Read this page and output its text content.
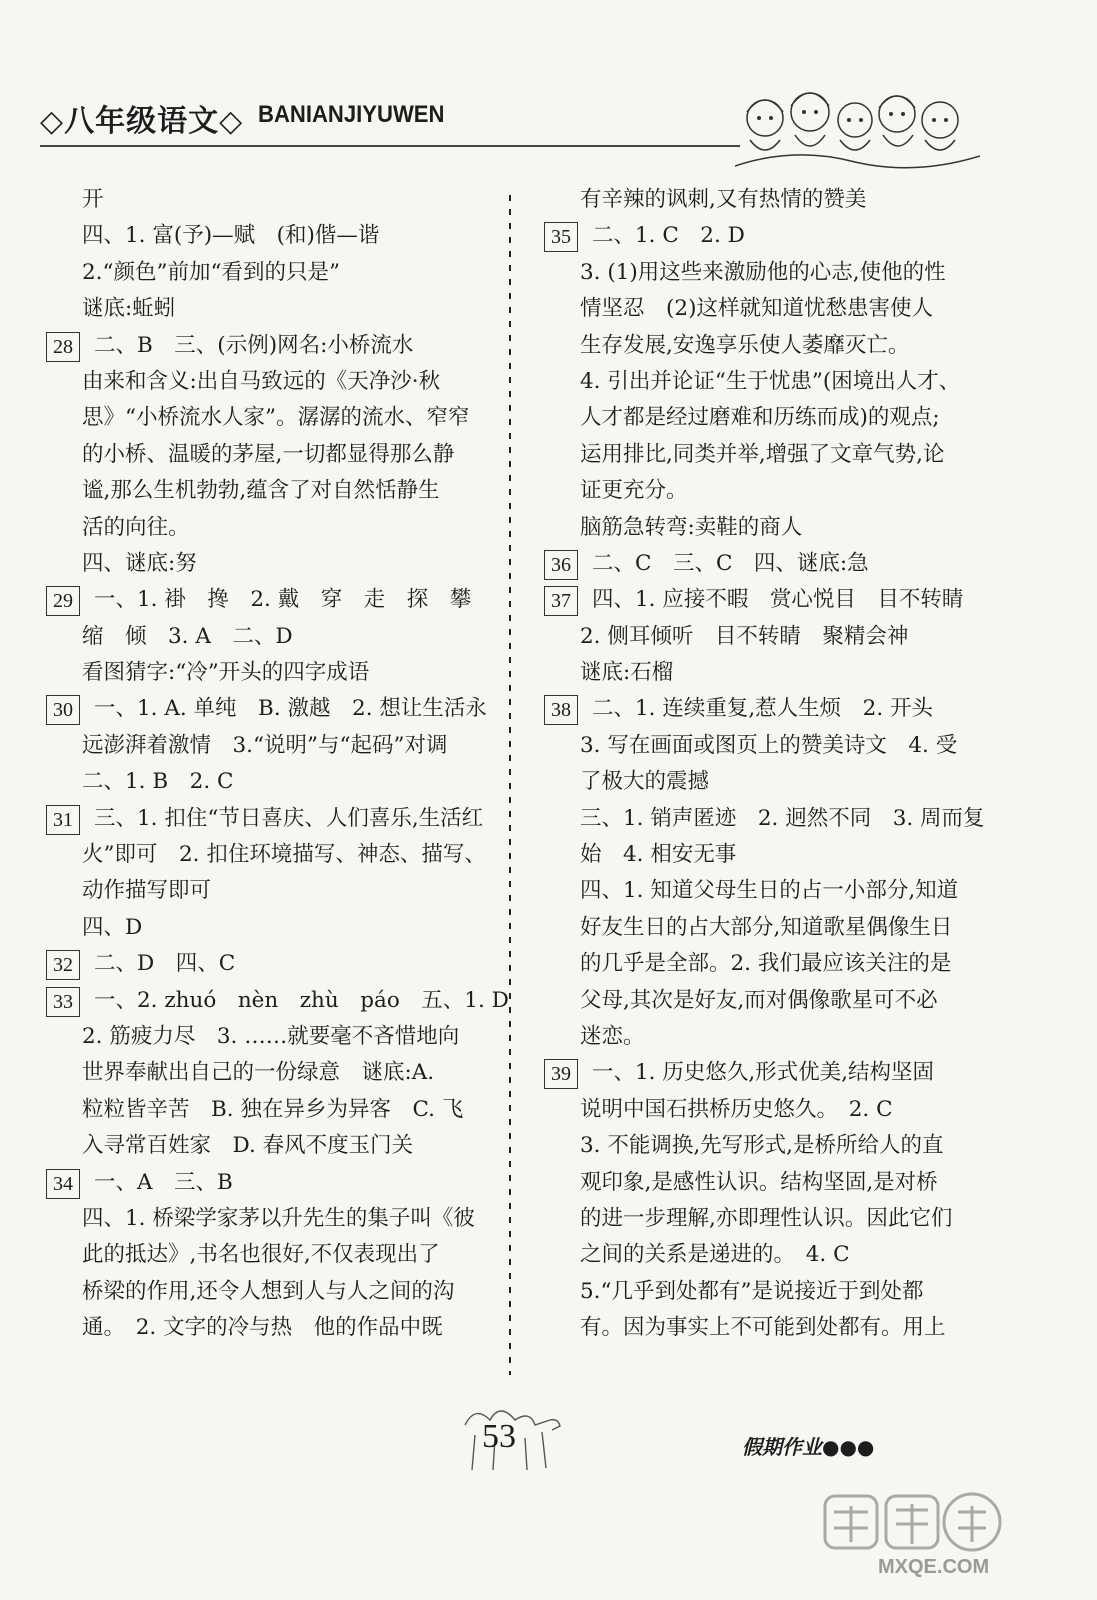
◇八年级语文◇ BANIANJIYUWEN
开
四、1. 富(予)—赋　(和)偕—谐
2.“颜色”前加“看到的只是”
谜底:蚯蚓
28 二、B　三、(示例)网名:小桥流水
由来和含义:出自马致远的《天净沙·秋
思》“小桥流水人家”。潺潺的流水、窄窄
的小桥、温暖的茅屋,一切都显得那么静
谧,那么生机勃勃,蕴含了对自然恬静生
活的向往。
四、谜底:努
29 一、1. 褂　搀　2. 戴　穿　走　探　攀
缩　倾　3. A　二、D
看图猜字:“冷”开头的四字成语
30 一、1. A. 单纯　B. 激越　2. 想让生活永
远澎湃着激情　3.“说明”与“起码”对调
二、1. B　2. C
31 三、1. 扣住“节日喜庆、人们喜乐,生活红
火”即可　2. 扣住环境描写、神态、描写、
动作描写即可
四、D
32 二、D　四、C
33 一、2. zhuó　nèn　zhù　páo　五、1. D
2. 筋疲力尽　3. ……就要毫不吝惜地向
世界奉献出自己的一份绿意　谜底:A.
粒粒皆辛苦　B. 独在异乡为异客　C. 飞
入寻常百姓家　D. 春风不度玉门关
34 一、A　三、B
四、1. 桥梁学家茅以升先生的集子叫《彼
此的抵达》,书名也很好,不仅表现出了
桥梁的作用,还令人想到人与人之间的沟
通。　2. 文字的冷与热　他的作品中既
有辛辣的讽刺,又有热情的赞美
35 二、1. C　2. D
3. (1)用这些来激励他的心志,使他的性
情坚忍　(2)这样就知道忧愁患害使人
生存发展,安逸享乐使人萎靡灭亡。
4. 引出并论证“生于忧患”(困境出人才、
人才都是经过磨难和历练而成)的观点;
运用排比,同类并举,增强了文章气势,论
证更充分。
脑筋急转弯:卖鞋的商人
36 二、C　三、C　四、谜底:急
37 四、1. 应接不暇　赏心悦目　目不转睛
2. 侧耳倾听　目不转睛　聚精会神
谜底:石榴
38 二、1. 连续重复,惹人生烦　2. 开头
3. 写在画面或图页上的赞美诗文　4. 受
了极大的震撼
三、1. 销声匿迹　2. 迥然不同　3. 周而复
始　4. 相安无事
四、1. 知道父母生日的占一小部分,知道
好友生日的占大部分,知道歌星偶像生日
的几乎是全部。2. 我们最应该关注的是
父母,其次是好友,而对偶像歌星可不必
迷恋。
39 一、1. 历史悠久,形式优美,结构坚固
说明中国石拱桥历史悠久。　2. C
3. 不能调换,先写形式,是桥所给人的直
观印象,是感性认识。结构坚固,是对桥
的进一步理解,亦即理性认识。因此它们
之间的关系是递进的。　4. C
5.“几乎到处都有”是说接近于到处都
有。因为事实上不可能到处都有。用上
53	假期作业●●●
MXQE.COM
